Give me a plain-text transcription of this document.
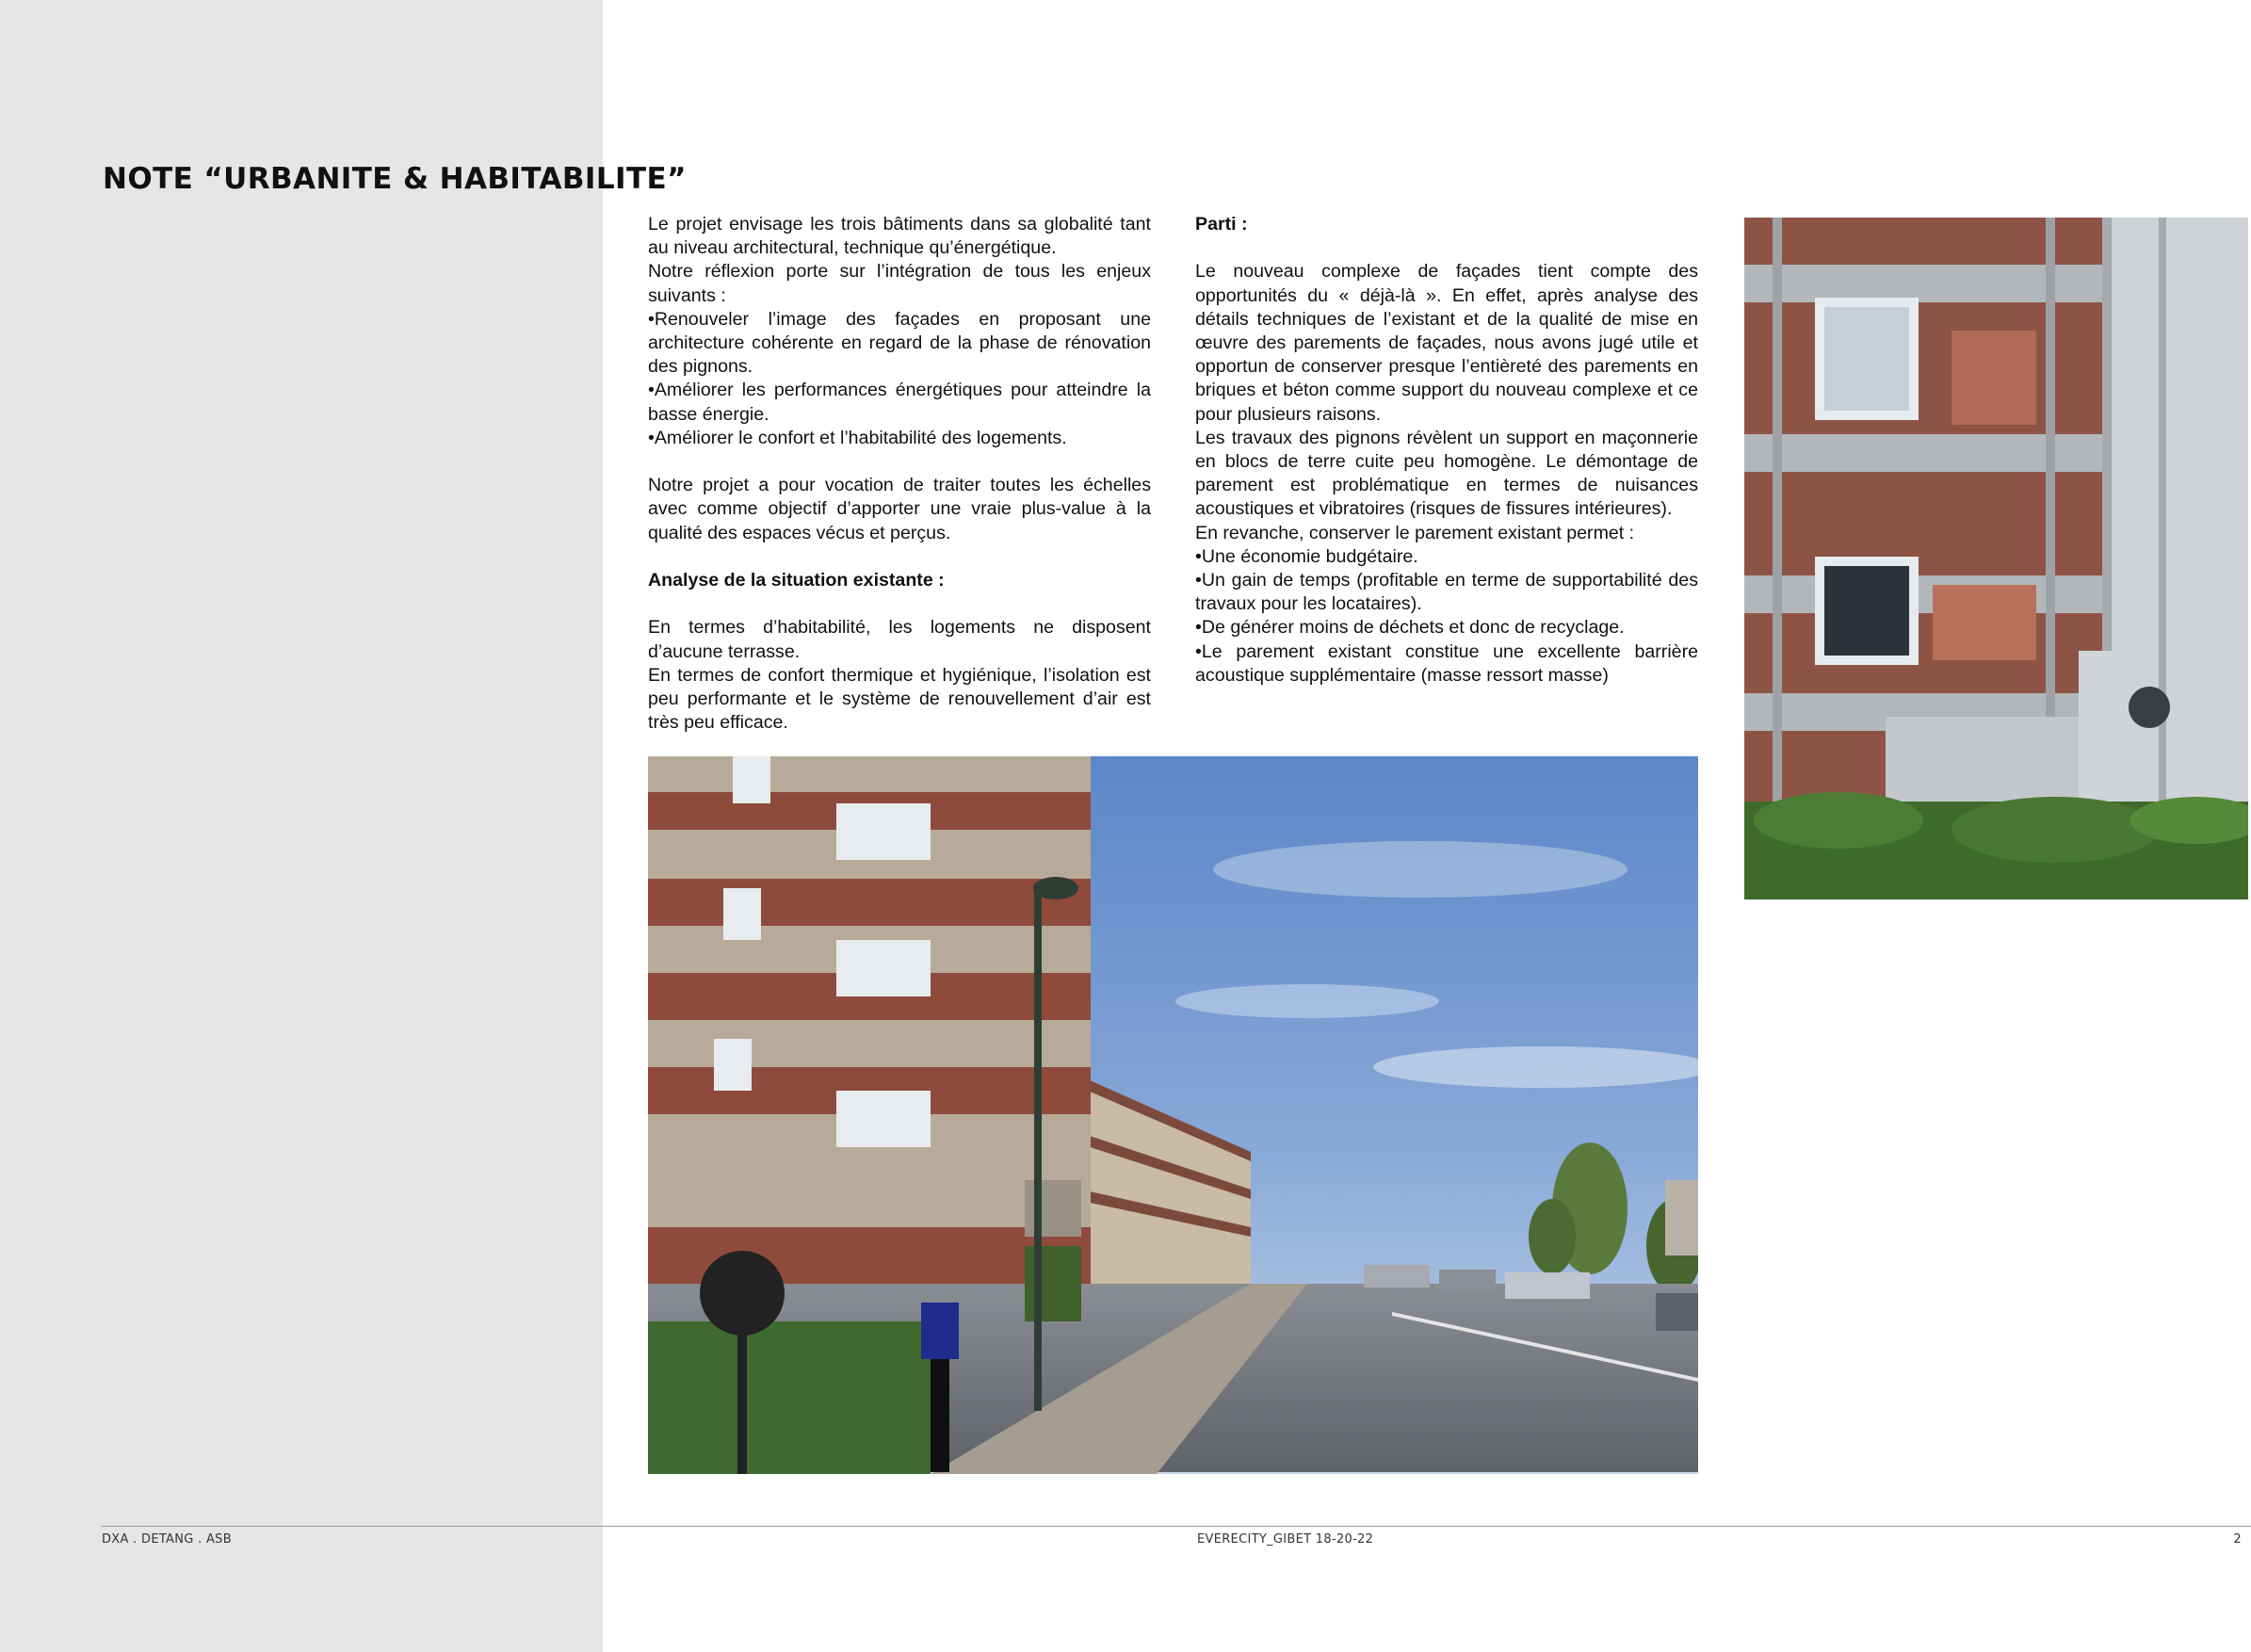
NOTE “URBANITE & HABITABILITE”

Le projet envisage les trois bâtiments dans sa globalité tant au niveau architectural, technique qu’énergétique.

Notre réflexion porte sur l’intégration de tous les enjeux suivants :

•Renouveler l’image des façades en proposant une architecture cohérente en regard de la phase de rénovation des pignons.

•Améliorer les performances énergétiques pour atteindre la basse énergie.

•Améliorer le confort et l’habitabilité des logements.

Notre projet a pour vocation de traiter toutes les échelles avec comme objectif d’apporter une vraie plus-value à la qualité des espaces vécus et perçus.

Analyse de la situation existante :

En termes d’habitabilité, les logements ne disposent d’aucune terrasse.

En termes de confort thermique et hygiénique, l’isolation est peu performante et le système de renouvellement d’air est très peu efficace.

Parti :

Le nouveau complexe de façades tient compte des opportunités du « déjà-là ». En effet, après analyse des détails techniques de l’existant et de la qualité de mise en œuvre des parements de façades, nous avons jugé utile et opportun de conserver presque l’entièreté des parements en briques et béton comme support du nouveau complexe et ce pour plusieurs raisons.

Les travaux des pignons révèlent un support en maçonnerie en blocs de terre cuite peu homogène. Le démontage de parement est problématique en termes de nuisances acoustiques et vibratoires (risques de fissures intérieures).

En revanche, conserver le parement existant permet :

•Une économie budgétaire.

•Un gain de temps (profitable en terme de supportabilité des travaux pour les locataires).

•De générer moins de déchets et donc de recyclage.

•Le parement existant constitue une excellente barrière acoustique supplémentaire (masse ressort masse)

DXA . DETANG . ASB	EVERECITY_GIBET 18-20-22	2
